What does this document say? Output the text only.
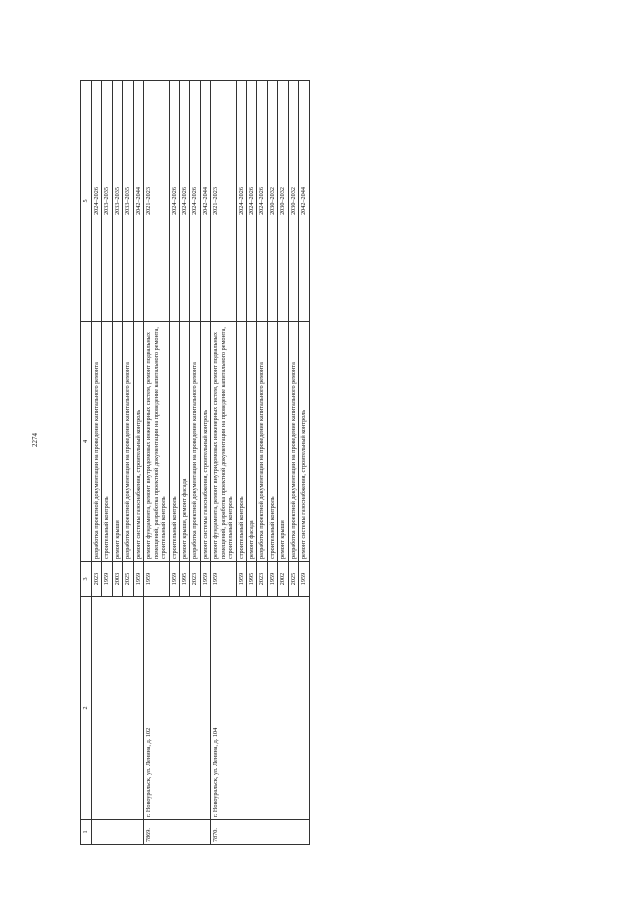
2274
1	2	3	4	5
		2023	разработка проектной документации на проведение капитального ремонта	2024–2026
		1959	строительный контроль	2033–2035
		2003	ремонт крыши	2033–2035
		2025	разработка проектной документации на проведение капитального ремонта	2033–2035
		1959	ремонт системы газоснабжения, строительный контроль	2042–2044
7869.	г. Новоуральск, ул. Ленина, д. 102	1959	ремонт фундамента, ремонт внутридомовых инженерных систем, ремонт подвальных помещений, разработка проектной документации на проведение капитального ремонта, строительный контроль	2021–2023
		1959	строительный контроль	2024–2026
		1995	ремонт крыши, ремонт фасада	2024–2026
		2023	разработка проектной документации на проведение капитального ремонта	2024–2026
		1959	ремонт системы газоснабжения, строительный контроль	2042–2044
7870.	г. Новоуральск, ул. Ленина, д. 104	1959	ремонт фундамента, ремонт внутридомовых инженерных систем, ремонт подвальных помещений, разработка проектной документации на проведение капитального ремонта, строительный контроль	2021–2023
		1959	строительный контроль	2024–2026
		1995	ремонт фасада	2024–2026
		2023	разработка проектной документации на проведение капитального ремонта	2024–2026
		1959	строительный контроль	2030–2032
		2002	ремонт крыши	2030–2032
		2025	разработка проектной документации на проведение капитального ремонта	2030–2032
		1959	ремонт системы газоснабжения, строительный контроль	2042–2044
